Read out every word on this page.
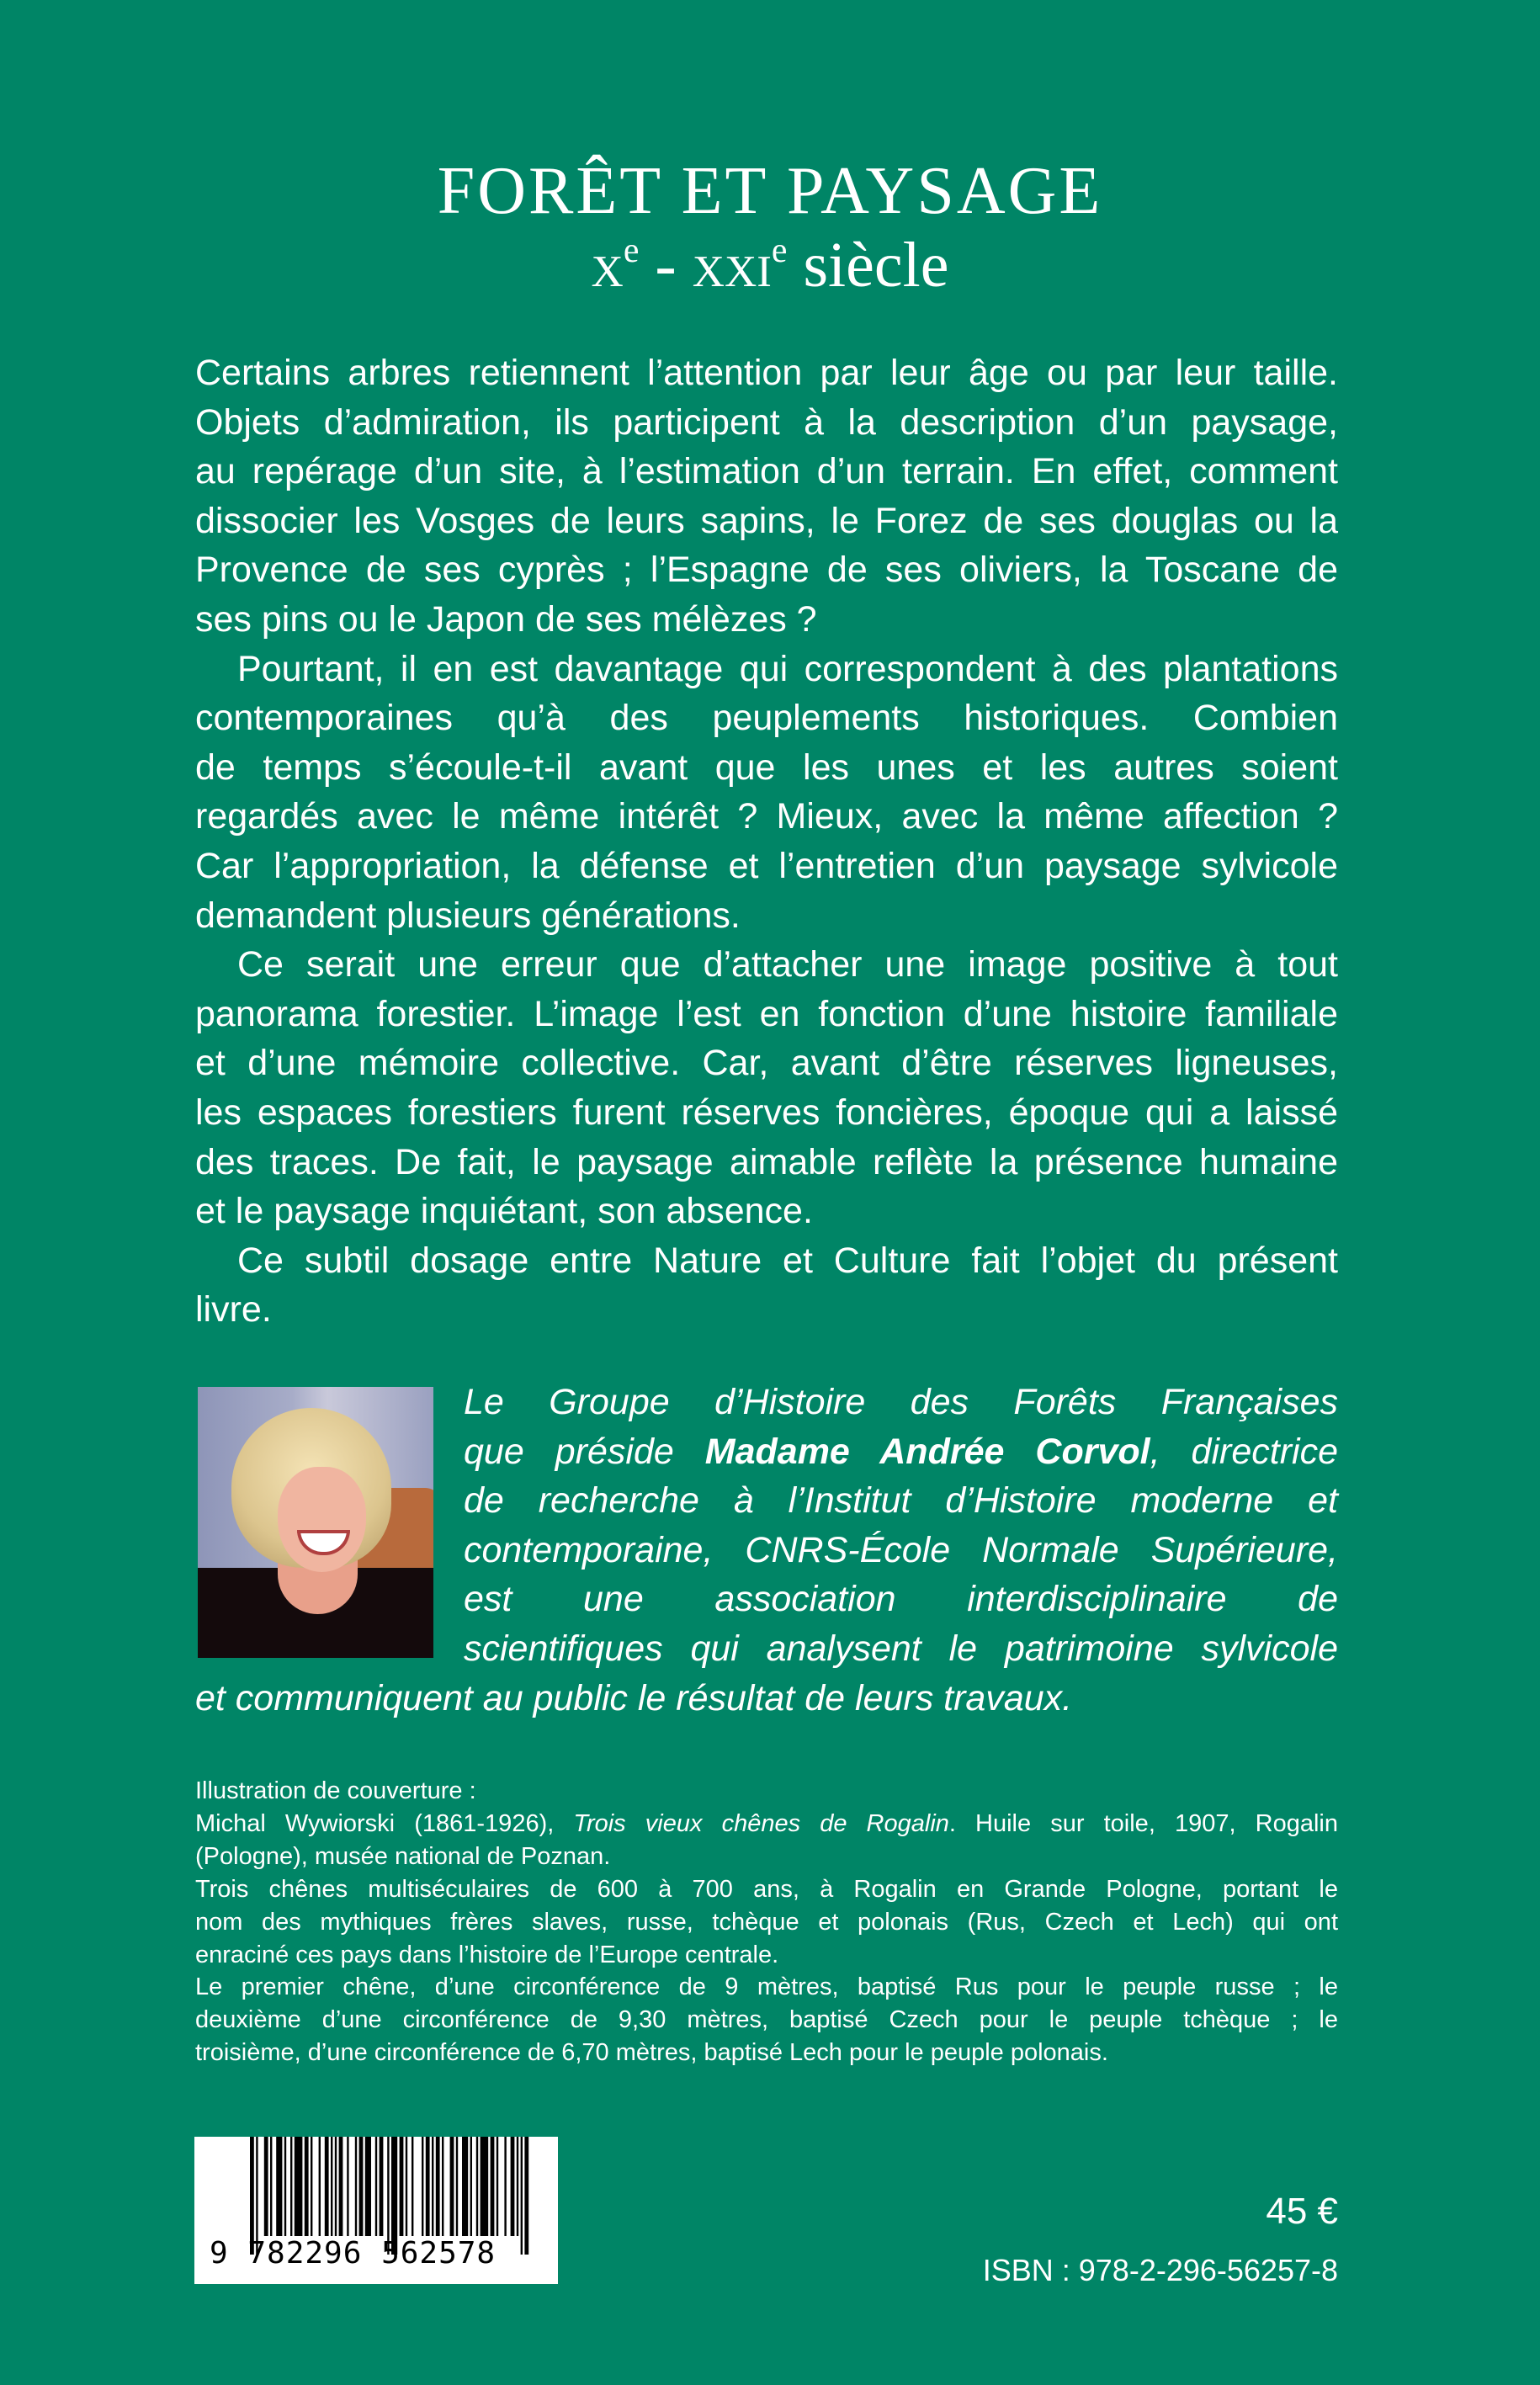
FORÊT ET PAYSAGE
$x^e - xxi^e$ siècle
Certains arbres retiennent l’attention par leur âge ou par leur taille.
Objets d’admiration, ils participent à la description d’un paysage,
au repérage d’un site, à l’estimation d’un terrain. En effet, comment
dissocier les Vosges de leurs sapins, le Forez de ses douglas ou la
Provence de ses cyprès ; l’Espagne de ses oliviers, la Toscane de
ses pins ou le Japon de ses mélèzes ?
Pourtant, il en est davantage qui correspondent à des plantations
contemporaines qu’à des peuplements historiques. Combien
de temps s’écoule-t-il avant que les unes et les autres soient
regardés avec le même intérêt ? Mieux, avec la même affection ?
Car l’appropriation, la défense et l’entretien d’un paysage sylvicole
demandent plusieurs générations.
Ce serait une erreur que d’attacher une image positive à tout
panorama forestier. L’image l’est en fonction d’une histoire familiale
et d’une mémoire collective. Car, avant d’être réserves ligneuses,
les espaces forestiers furent réserves foncières, époque qui a laissé
des traces. De fait, le paysage aimable reflète la présence humaine
et le paysage inquiétant, son absence.
Ce subtil dosage entre Nature et Culture fait l’objet du présent
livre.
Le Groupe d’Histoire des Forêts Françaises
que préside Madame Andrée Corvol, directrice
de recherche à l’Institut d’Histoire moderne et
contemporaine, CNRS-École Normale Supérieure,
est une association interdisciplinaire de
scientifiques qui analysent le patrimoine sylvicole
et communiquent au public le résultat de leurs travaux.
Illustration de couverture :
Michal Wywiorski (1861-1926), Trois vieux chênes de Rogalin. Huile sur toile, 1907, Rogalin
(Pologne), musée national de Poznan.
Trois chênes multiséculaires de 600 à 700 ans, à Rogalin en Grande Pologne, portant le
nom des mythiques frères slaves, russe, tchèque et polonais (Rus, Czech et Lech) qui ont
enraciné ces pays dans l’histoire de l’Europe centrale.
Le premier chêne, d’une circonférence de 9 mètres, baptisé Rus pour le peuple russe ; le
deuxième d’une circonférence de 9,30 mètres, baptisé Czech pour le peuple tchèque ; le
troisième, d’une circonférence de 6,70 mètres, baptisé Lech pour le peuple polonais.
9 782296 562578
45 €
ISBN : 978-2-296-56257-8
